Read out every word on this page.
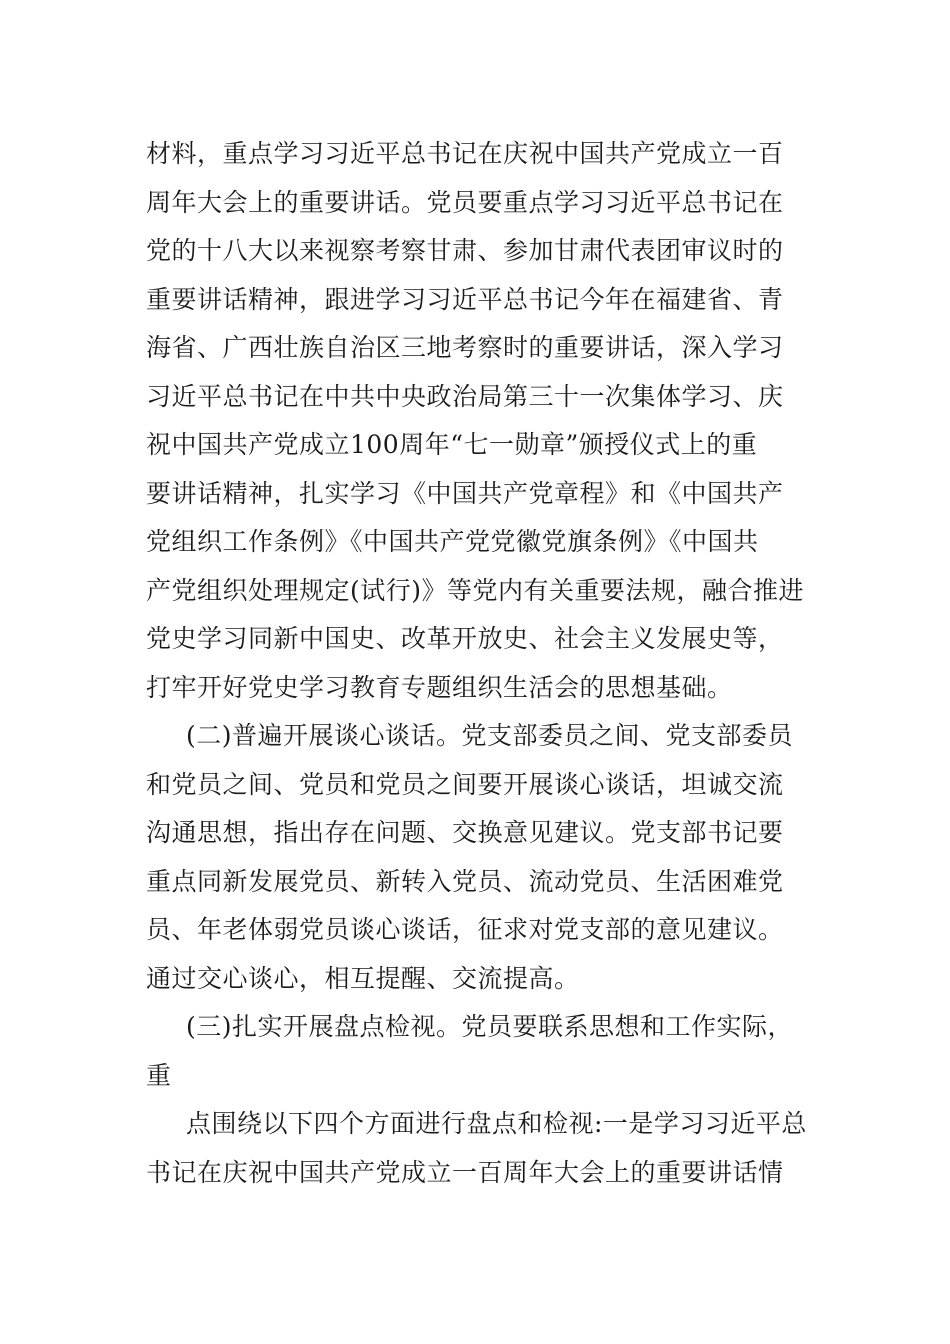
材料，重点学习习近平总书记在庆祝中国共产党成立一百
周年大会上的重要讲话。党员要重点学习习近平总书记在
党的十八大以来视察考察甘肃、参加甘肃代表团审议时的
重要讲话精神，跟进学习习近平总书记今年在福建省、青
海省、广西壮族自治区三地考察时的重要讲话，深入学习
习近平总书记在中共中央政治局第三十一次集体学习、庆
祝中国共产党成立100周年“七一勋章”颁授仪式上的重
要讲话精神，扎实学习《中国共产党章程》和《中国共产
党组织工作条例》《中国共产党党徽党旗条例》《中国共
产党组织处理规定(试行)》等党内有关重要法规，融合推进
党史学习同新中国史、改革开放史、社会主义发展史等，
打牢开好党史学习教育专题组织生活会的思想基础。
(二)普遍开展谈心谈话。党支部委员之间、党支部委员
和党员之间、党员和党员之间要开展谈心谈话，坦诚交流
沟通思想，指出存在问题、交换意见建议。党支部书记要
重点同新发展党员、新转入党员、流动党员、生活困难党
员、年老体弱党员谈心谈话，征求对党支部的意见建议。
通过交心谈心，相互提醒、交流提高。
(三)扎实开展盘点检视。党员要联系思想和工作实际，
重
点围绕以下四个方面进行盘点和检视:一是学习习近平总
书记在庆祝中国共产党成立一百周年大会上的重要讲话情
